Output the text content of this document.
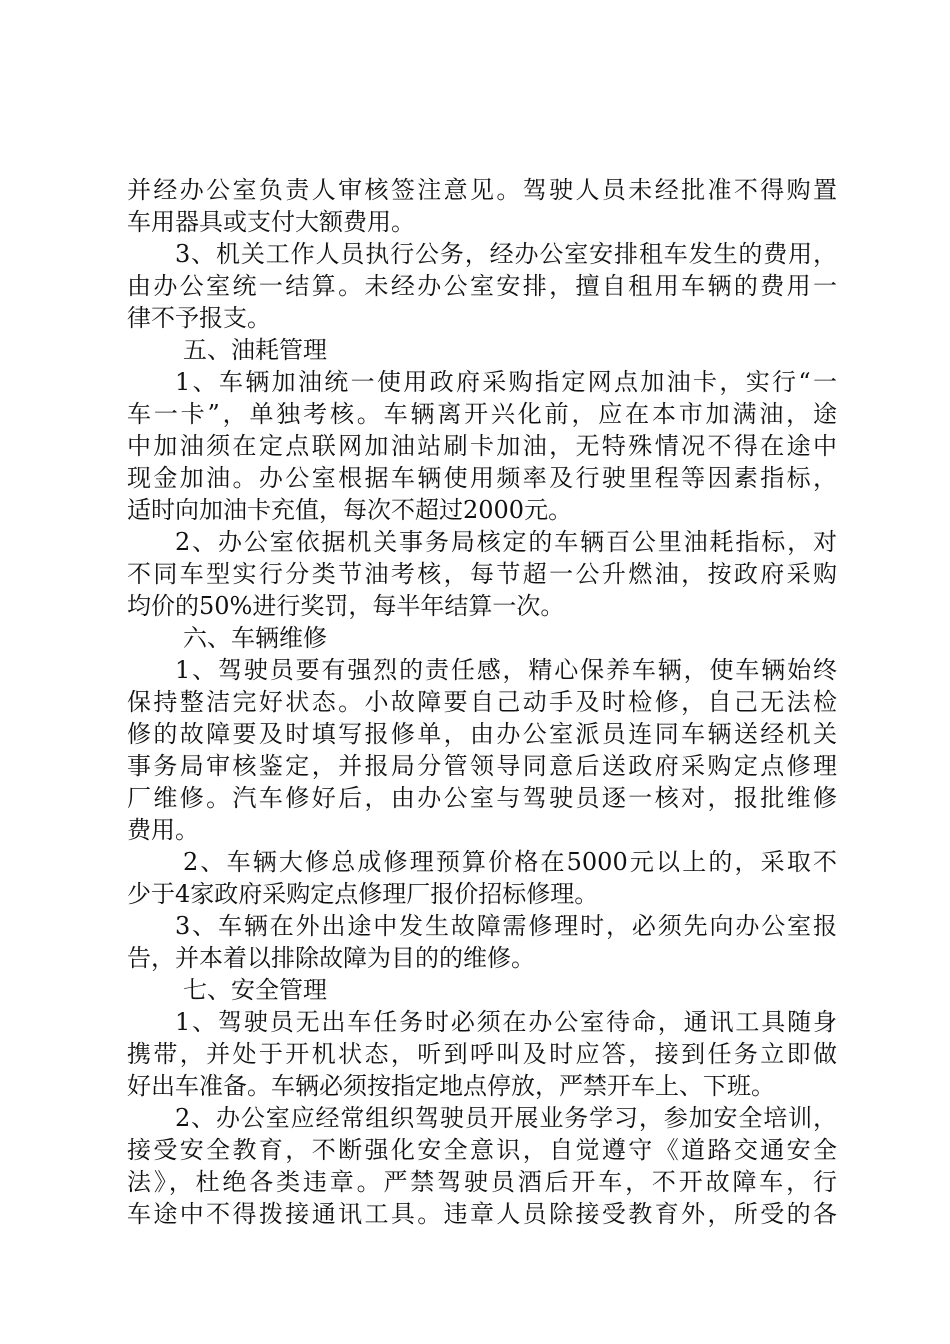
并经办公室负责人审核签注意见。驾驶人员未经批准不得购置
车用器具或支付大额费用。
3、机关工作人员执行公务，经办公室安排租车发生的费用，
由办公室统一结算。未经办公室安排，擅自租用车辆的费用一
律不予报支。
五、油耗管理
1、车辆加油统一使用政府采购指定网点加油卡，实行“一
车一卡”，单独考核。车辆离开兴化前，应在本市加满油，途
中加油须在定点联网加油站刷卡加油，无特殊情况不得在途中
现金加油。办公室根据车辆使用频率及行驶里程等因素指标，
适时向加油卡充值，每次不超过2000元。
2、办公室依据机关事务局核定的车辆百公里油耗指标，对
不同车型实行分类节油考核，每节超一公升燃油，按政府采购
均价的50%进行奖罚，每半年结算一次。
六、车辆维修
1、驾驶员要有强烈的责任感，精心保养车辆，使车辆始终
保持整洁完好状态。小故障要自己动手及时检修，自己无法检
修的故障要及时填写报修单，由办公室派员连同车辆送经机关
事务局审核鉴定，并报局分管领导同意后送政府采购定点修理
厂维修。汽车修好后，由办公室与驾驶员逐一核对，报批维修
费用。
2、车辆大修总成修理预算价格在5000元以上的，采取不
少于4家政府采购定点修理厂报价招标修理。
3、车辆在外出途中发生故障需修理时，必须先向办公室报
告，并本着以排除故障为目的的维修。
七、安全管理
1、驾驶员无出车任务时必须在办公室待命，通讯工具随身
携带，并处于开机状态，听到呼叫及时应答，接到任务立即做
好出车准备。车辆必须按指定地点停放，严禁开车上、下班。
2、办公室应经常组织驾驶员开展业务学习，参加安全培训，
接受安全教育，不断强化安全意识，自觉遵守《道路交通安全
法》，杜绝各类违章。严禁驾驶员酒后开车，不开故障车，行
车途中不得拨接通讯工具。违章人员除接受教育外，所受的各
